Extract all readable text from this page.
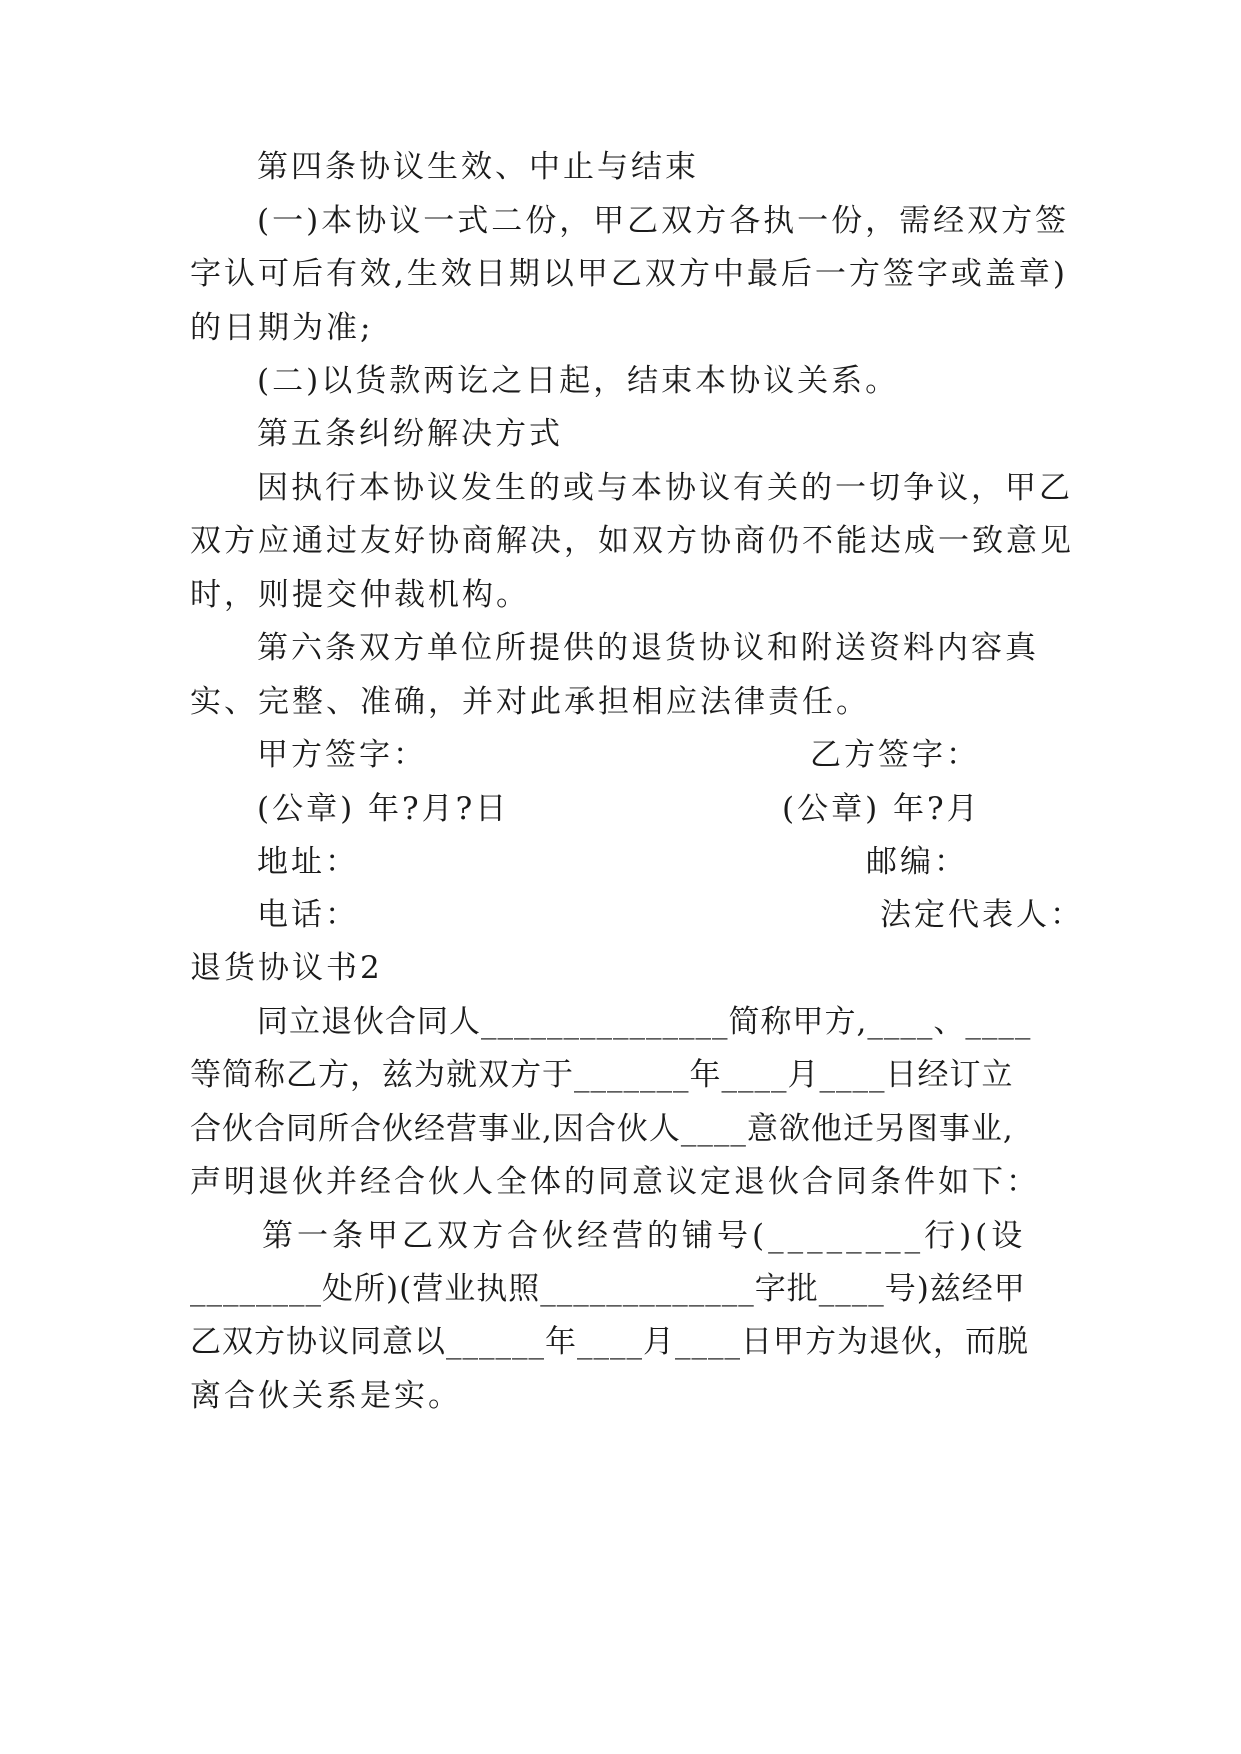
第四条协议生效、中止与结束
(一)本协议一式二份，甲乙双方各执一份，需经双方签
字认可后有效,生效日期以甲乙双方中最后一方签字或盖章)
的日期为准;
(二)以货款两讫之日起，结束本协议关系。
第五条纠纷解决方式
因执行本协议发生的或与本协议有关的一切争议，甲乙
双方应通过友好协商解决，如双方协商仍不能达成一致意见
时，则提交仲裁机构。
第六条双方单位所提供的退货协议和附送资料内容真
实、完整、准确，并对此承担相应法律责任。
甲方签字：	乙方签字：
(公章) 年?月?日	(公章) 年?月
地址：	邮编：
电话：	法定代表人：
退货协议书2
同立退伙合同人_______________简称甲方,____、____
等简称乙方，兹为就双方于_______年____月____日经订立
合伙合同所合伙经营事业,因合伙人____意欲他迁另图事业,
声明退伙并经合伙人全体的同意议定退伙合同条件如下：
第一条甲乙双方合伙经营的铺号(________行)(设
________处所)(营业执照_____________字批____号)兹经甲
乙双方协议同意以______年____月____日甲方为退伙，而脱
离合伙关系是实。
